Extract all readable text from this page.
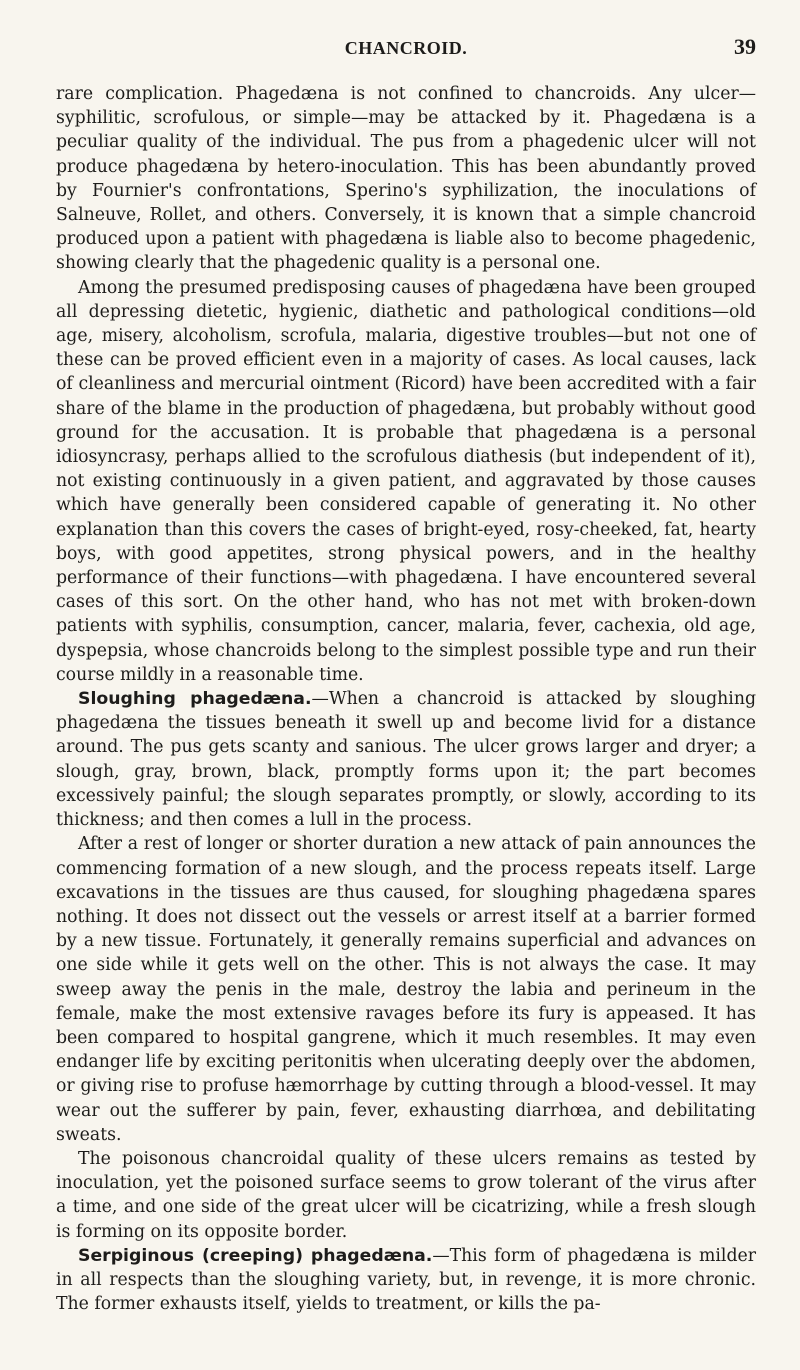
CHANCROID.	39

rare complication. Phagedæna is not confined to chancroids. Any ulcer—syphilitic, scrofulous, or simple—may be attacked by it. Phagedæna is a peculiar quality of the individual. The pus from a phagedenic ulcer will not produce phagedæna by hetero-inoculation. This has been abundantly proved by Fournier's confrontations, Sperino's syphilization, the inoculations of Salneuve, Rollet, and others. Conversely, it is known that a simple chancroid produced upon a patient with phagedæna is liable also to become phagedenic, showing clearly that the phagedenic quality is a personal one.

Among the presumed predisposing causes of phagedæna have been grouped all depressing dietetic, hygienic, diathetic and pathological conditions—old age, misery, alcoholism, scrofula, malaria, digestive troubles—but not one of these can be proved efficient even in a majority of cases. As local causes, lack of cleanliness and mercurial ointment (Ricord) have been accredited with a fair share of the blame in the production of phagedæna, but probably without good ground for the accusation. It is probable that phagedæna is a personal idiosyncrasy, perhaps allied to the scrofulous diathesis (but independent of it), not existing continuously in a given patient, and aggravated by those causes which have generally been considered capable of generating it. No other explanation than this covers the cases of bright-eyed, rosy-cheeked, fat, hearty boys, with good appetites, strong physical powers, and in the healthy performance of their functions—with phagedæna. I have encountered several cases of this sort. On the other hand, who has not met with broken-down patients with syphilis, consumption, cancer, malaria, fever, cachexia, old age, dyspepsia, whose chancroids belong to the simplest possible type and run their course mildly in a reasonable time.

Sloughing phagedæna.—When a chancroid is attacked by sloughing phagedæna the tissues beneath it swell up and become livid for a distance around. The pus gets scanty and sanious. The ulcer grows larger and dryer; a slough, gray, brown, black, promptly forms upon it; the part becomes excessively painful; the slough separates promptly, or slowly, according to its thickness; and then comes a lull in the process.

After a rest of longer or shorter duration a new attack of pain announces the commencing formation of a new slough, and the process repeats itself. Large excavations in the tissues are thus caused, for sloughing phagedæna spares nothing. It does not dissect out the vessels or arrest itself at a barrier formed by a new tissue. Fortunately, it generally remains superficial and advances on one side while it gets well on the other. This is not always the case. It may sweep away the penis in the male, destroy the labia and perineum in the female, make the most extensive ravages before its fury is appeased. It has been compared to hospital gangrene, which it much resembles. It may even endanger life by exciting peritonitis when ulcerating deeply over the abdomen, or giving rise to profuse hæmorrhage by cutting through a blood-vessel. It may wear out the sufferer by pain, fever, exhausting diarrhœa, and debilitating sweats.

The poisonous chancroidal quality of these ulcers remains as tested by inoculation, yet the poisoned surface seems to grow tolerant of the virus after a time, and one side of the great ulcer will be cicatrizing, while a fresh slough is forming on its opposite border.

Serpiginous (creeping) phagedæna.—This form of phagedæna is milder in all respects than the sloughing variety, but, in revenge, it is more chronic. The former exhausts itself, yields to treatment, or kills the pa-
